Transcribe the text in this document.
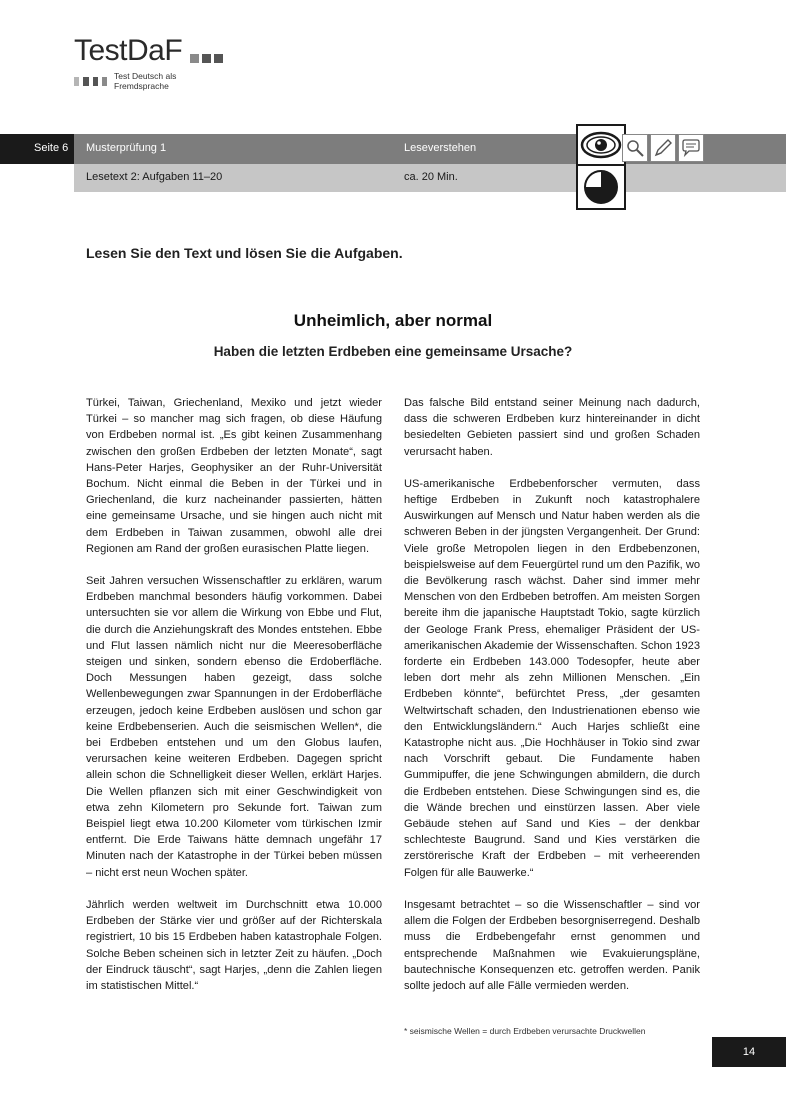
TestDaF
Test Deutsch als Fremdsprache
Seite 6 Musterprüfung 1	Leseverstehen
Lesetext 2: Aufgaben 11–20	ca. 20 Min.
Lesen Sie den Text und lösen Sie die Aufgaben.
Unheimlich, aber normal
Haben die letzten Erdbeben eine gemeinsame Ursache?

Türkei, Taiwan, Griechenland, Mexiko und jetzt wieder Türkei – so mancher mag sich fragen, ob diese Häufung von Erdbeben normal ist. „Es gibt keinen Zusammenhang zwischen den großen Erdbeben der letzten Monate“, sagt Hans-Peter Harjes, Geophysiker an der Ruhr-Universität Bochum. Nicht einmal die Beben in der Türkei und in Griechenland, die kurz nacheinander passierten, hätten eine gemeinsame Ursache, und sie hingen auch nicht mit dem Erdbeben in Taiwan zusammen, obwohl alle drei Regionen am Rand der großen eurasischen Platte liegen.

Seit Jahren versuchen Wissenschaftler zu erklären, warum Erdbeben manchmal besonders häufig vorkommen. Dabei untersuchten sie vor allem die Wirkung von Ebbe und Flut, die durch die Anziehungskraft des Mondes entstehen. Ebbe und Flut lassen nämlich nicht nur die Meeresoberfläche steigen und sinken, sondern ebenso die Erdoberfläche. Doch Messungen haben gezeigt, dass solche Wellenbewegungen zwar Spannungen in der Erdoberfläche erzeugen, jedoch keine Erdbeben auslösen und schon gar keine Erdbebenserien. Auch die seismischen Wellen*, die bei Erdbeben entstehen und um den Globus laufen, verursachen keine weiteren Erdbeben. Dagegen spricht allein schon die Schnelligkeit dieser Wellen, erklärt Harjes. Die Wellen pflanzen sich mit einer Geschwindigkeit von etwa zehn Kilometern pro Sekunde fort. Taiwan zum Beispiel liegt etwa 10.200 Kilometer vom türkischen Izmir entfernt. Die Erde Taiwans hätte demnach ungefähr 17 Minuten nach der Katastrophe in der Türkei beben müssen – nicht erst neun Wochen später.

Jährlich werden weltweit im Durchschnitt etwa 10.000 Erdbeben der Stärke vier und größer auf der Richterskala registriert, 10 bis 15 Erdbeben haben katastrophale Folgen. Solche Beben scheinen sich in letzter Zeit zu häufen. „Doch der Eindruck täuscht“, sagt Harjes, „denn die Zahlen liegen im statistischen Mittel.“

Das falsche Bild entstand seiner Meinung nach dadurch, dass die schweren Erdbeben kurz hintereinander in dicht besiedelten Gebieten passiert sind und großen Schaden verursacht haben.

US-amerikanische Erdbebenforscher vermuten, dass heftige Erdbeben in Zukunft noch katastrophalere Auswirkungen auf Mensch und Natur haben werden als die schweren Beben in der jüngsten Vergangenheit. Der Grund: Viele große Metropolen liegen in den Erdbebenzonen, beispielsweise auf dem Feuergürtel rund um den Pazifik, wo die Bevölkerung rasch wächst. Daher sind immer mehr Menschen von den Erdbeben betroffen. Am meisten Sorgen bereite ihm die japanische Hauptstadt Tokio, sagte kürzlich der Geologe Frank Press, ehemaliger Präsident der US-amerikanischen Akademie der Wissenschaften. Schon 1923 forderte ein Erdbeben 143.000 Todesopfer, heute aber leben dort mehr als zehn Millionen Menschen. „Ein Erdbeben könnte“, befürchtet Press, „der gesamten Weltwirtschaft schaden, den Industrienationen ebenso wie den Entwicklungsländern.“ Auch Harjes schließt eine Katastrophe nicht aus. „Die Hochhäuser in Tokio sind zwar nach Vorschrift gebaut. Die Fundamente haben Gummipuffer, die jene Schwingungen abmildern, die durch die Erdbeben entstehen. Diese Schwingungen sind es, die die Wände brechen und einstürzen lassen. Aber viele Gebäude stehen auf Sand und Kies – der denkbar schlechteste Baugrund. Sand und Kies verstärken die zerstörerische Kraft der Erdbeben – mit verheerenden Folgen für alle Bauwerke.“

Insgesamt betrachtet – so die Wissenschaftler – sind vor allem die Folgen der Erdbeben besorgniserregend. Deshalb muss die Erdbebengefahr ernst genommen und entsprechende Maßnahmen wie Evakuierungspläne, bautechnische Konsequenzen etc. getroffen werden. Panik sollte jedoch auf alle Fälle vermieden werden.

* seismische Wellen = durch Erdbeben verursachte Druckwellen
14
